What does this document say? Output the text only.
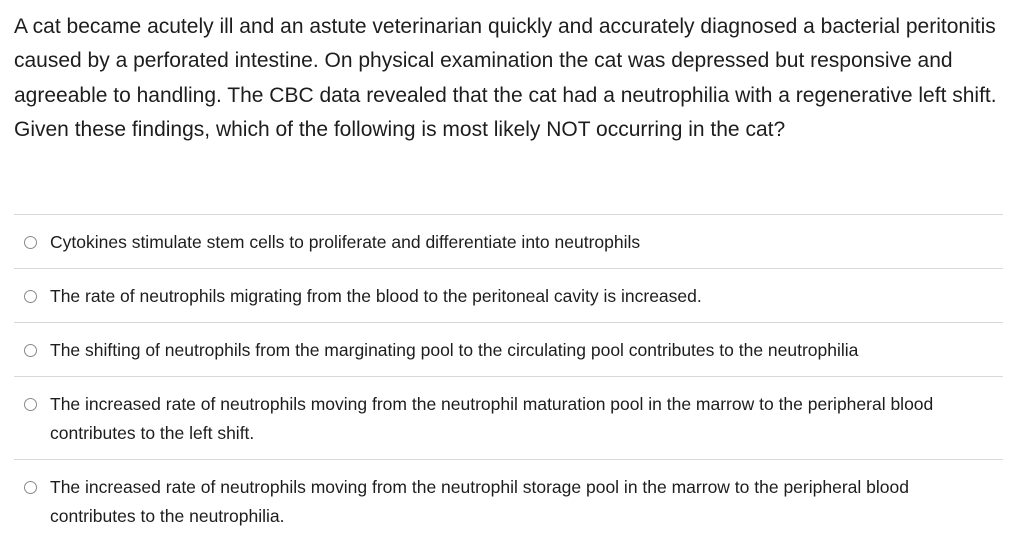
A cat became acutely ill and an astute veterinarian quickly and accurately diagnosed a bacterial peritonitis caused by a perforated intestine. On physical examination the cat was depressed but responsive and agreeable to handling. The CBC data revealed that the cat had a neutrophilia with a regenerative left shift. Given these findings, which of the following is most likely NOT occurring in the cat?
Cytokines stimulate stem cells to proliferate and differentiate into neutrophils
The rate of neutrophils migrating from the blood to the peritoneal cavity is increased.
The shifting of neutrophils from the marginating pool to the circulating pool contributes to the neutrophilia
The increased rate of neutrophils moving from the neutrophil maturation pool in the marrow to the peripheral blood contributes to the left shift.
The increased rate of neutrophils moving from the neutrophil storage pool in the marrow to the peripheral blood contributes to the neutrophilia.
